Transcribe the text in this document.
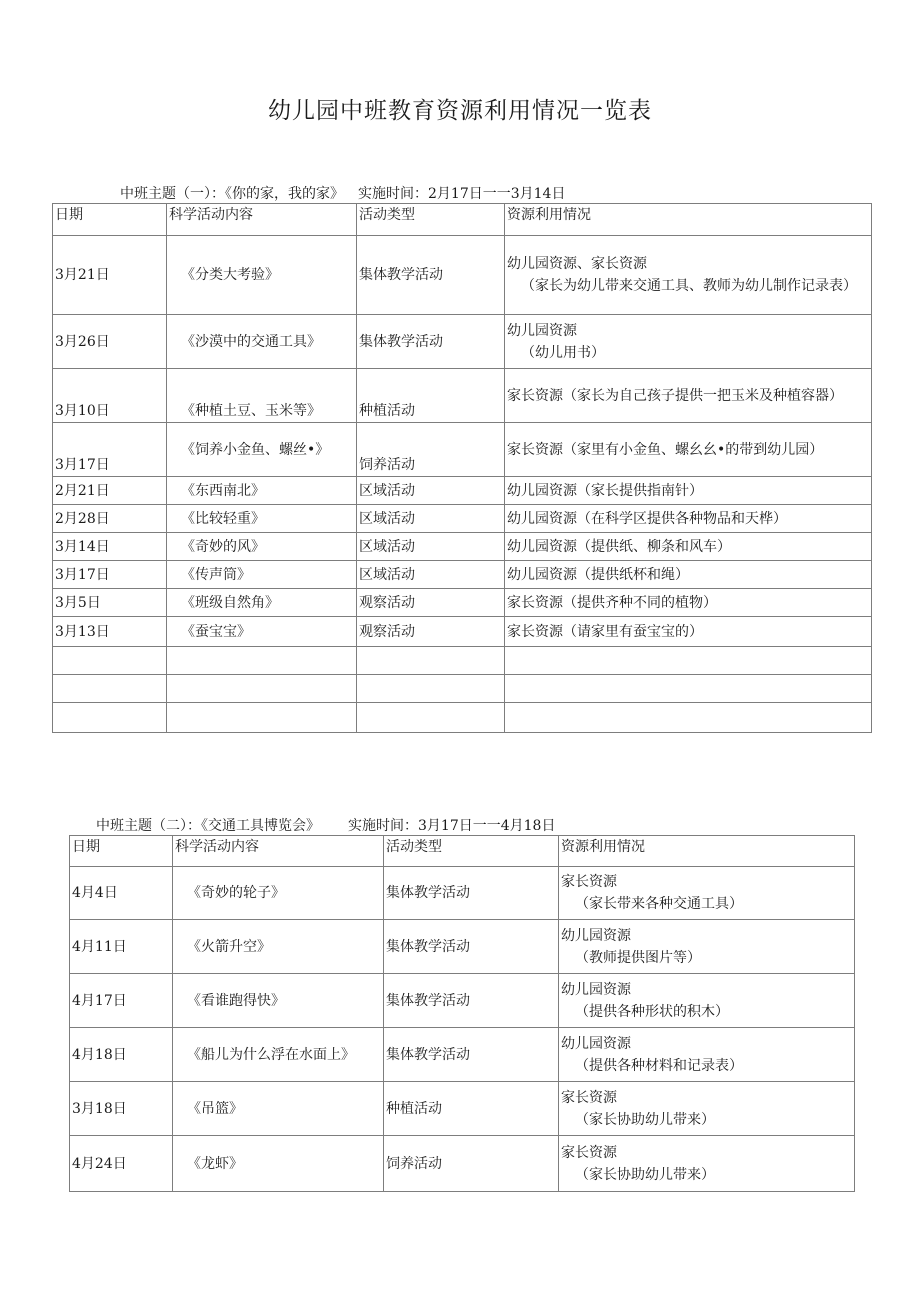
幼儿园中班教育资源利用情况一览表
中班主题（一）：《你的家，我的家》 实施时间：2月17日一一3月14日
日期	科学活动内容	活动类型	资源利用情况
3月21日	《分类大考验》	集体教学活动	幼儿园资源、家长资源

（家长为幼儿带来交通工具、教师为幼儿制作记录表）

3月26日	《沙漠中的交通工具》	集体教学活动	幼儿园资源

（幼儿用书）

3月10日	《种植土豆、玉米等》	种植活动	家长资源（家长为自己孩子提供一把玉米及种植容器）
3月17日	《饲养小金鱼、螺丝•》	饲养活动	家长资源（家里有小金鱼、螺幺幺•的带到幼儿园）
2月21日	《东西南北》	区域活动	幼儿园资源（家长提供指南针）
2月28日	《比较轻重》	区域活动	幼儿园资源（在科学区提供各种物品和天桦）
3月14日	《奇妙的风》	区域活动	幼儿园资源（提供纸、柳条和风车）
3月17日	《传声筒》	区域活动	幼儿园资源（提供纸杯和绳）
3月5日	《班级自然角》	观察活动	家长资源（提供齐种不同的植物）
3月13日	《蚕宝宝》	观察活动	家长资源（请家里有蚕宝宝的）

中班主题（二）：《交通工具博览会》 实施时间：3月17日一一4月18日
日期	科学活动内容	活动类型	资源利用情况
4月4日	《奇妙的轮子》	集体教学活动	家长资源

（家长带来各种交通工具）

4月11日	《火箭升空》	集体教学活动	幼儿园资源

（教师提供图片等）

4月17日	《看谁跑得快》	集体教学活动	幼儿园资源

（提供各种形状的积木）

4月18日	《船儿为什么浮在水面上》	集体教学活动	幼儿园资源

（提供各种材料和记录表）

3月18日	《吊篮》	种植活动	家长资源

（家长协助幼儿带来）

4月24日	《龙虾》	饲养活动	家长资源

（家长协助幼儿带来）
